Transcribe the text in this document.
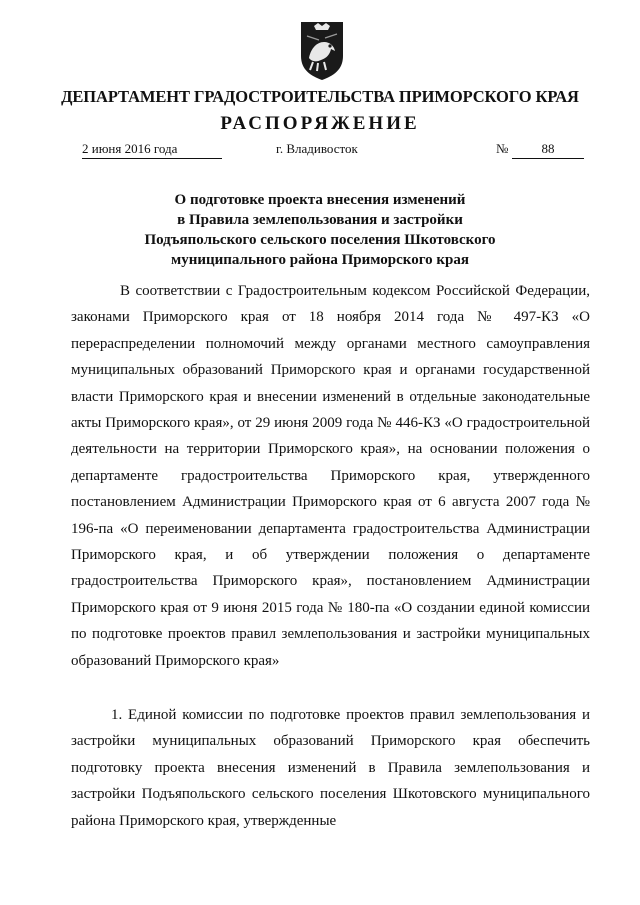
ДЕПАРТАМЕНТ ГРАДОСТРОИТЕЛЬСТВА ПРИМОРСКОГО КРАЯ
РАСПОРЯЖЕНИЕ
2 июня 2016 года	г. Владивосток	№	88
О подготовке проекта внесения изменений
в Правила землепользования и застройки
Подъяпольского сельского поселения Шкотовского
муниципального района Приморского края

В соответствии с Градостроительным кодексом Российской Федерации, законами Приморского края от 18 ноября 2014 года № 497-КЗ «О перераспределении полномочий между органами местного самоуправления муниципальных образований Приморского края и органами государственной власти Приморского края и внесении изменений в отдельные законодательные акты Приморского края», от 29 июня 2009 года № 446-КЗ «О градостроительной деятельности на территории Приморского края», на основании положения о департаменте градостроительства Приморского края, утвержденного постановлением Администрации Приморского края от 6 августа 2007 года № 196-па «О переименовании департамента градостроительства Администрации Приморского края, и об утверждении положения о департаменте градостроительства Приморского края», постановлением Администрации Приморского края от 9 июня 2015 года № 180-па «О создании единой комиссии по подготовке проектов правил землепользования и застройки муниципальных образований Приморского края»

1. Единой комиссии по подготовке проектов правил землепользования и застройки муниципальных образований Приморского края обеспечить подготовку проекта внесения изменений в Правила землепользования и застройки Подъяпольского сельского поселения Шкотовского муниципального района Приморского края, утвержденные
